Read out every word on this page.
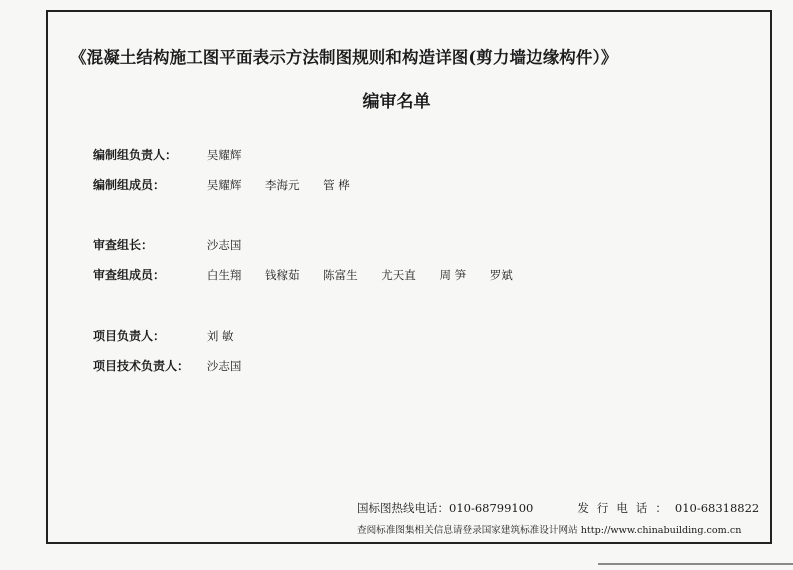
《混凝土结构施工图平面表示方法制图规则和构造详图(剪力墙边缘构件）》
编审名单
编制组负责人：	吴耀辉
编制组成员：	吴耀辉 李海元 管 桦
审查组长：	沙志国
审查组成员：	白生翔 钱稼茹 陈富生 尤天直 周 笋 罗斌
项目负责人：	刘 敏
项目技术负责人： 沙志国
国标图热线电话：010-68799100	发行电话：010-68318822
查阅标准图集相关信息请登录国家建筑标准设计网站 http://www.chinabuilding.com.cn
